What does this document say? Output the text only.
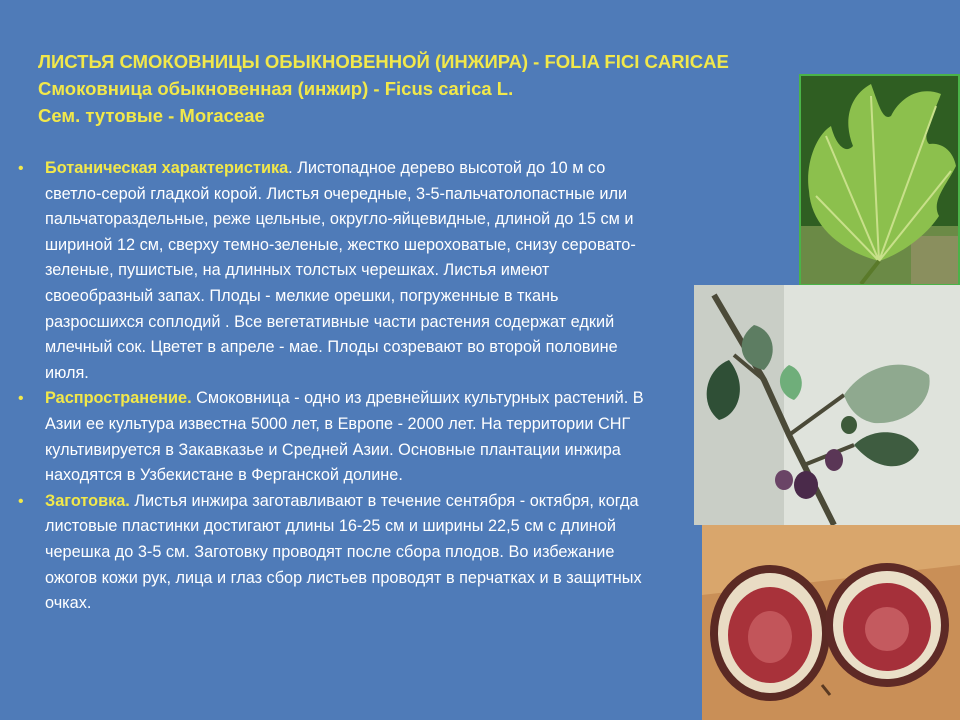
ЛИСТЬЯ СМОКОВНИЦЫ ОБЫКНОВЕННОЙ (ИНЖИРА) - FOLIA FICI CARICAE
Смоковница обыкновенная (инжир) - Ficus carica L.
Сем. тутовые - Moraceae
• Ботаническая характеристика. Листопадное дерево высотой до 10 м со светло-серой гладкой корой. Листья очередные, 3-5-пальчатолопастные или пальчатораздельные, реже цельные, округло-яйцевидные, длиной до 15 см и шириной 12 см, сверху темно-зеленые, жестко шероховатые, снизу серовато-зеленые, пушистые, на длинных толстых черешках. Листья имеют своеобразный запах. Плоды - мелкие орешки, погруженные в ткань разросшихся соплодий . Все вегетативные части растения содержат едкий млечный сок. Цветет в апреле - мае. Плоды созревают во второй половине июля.
• Распространение. Смоковница - одно из древнейших культурных растений. В Азии ее культура известна 5000 лет, в Европе - 2000 лет. На территории СНГ культивируется в Закавказье и Средней Азии. Основные плантации инжира находятся в Узбекистане в Ферганской долине.
• Заготовка. Листья инжира заготавливают в течение сентября - октября, когда листовые пластинки достигают длины 16-25 см и ширины 22,5 см с длиной черешка до 3-5 см. Заготовку проводят после сбора плодов. Во избежание ожогов кожи рук, лица и глаз сбор листьев проводят в перчатках и в защитных очках.
